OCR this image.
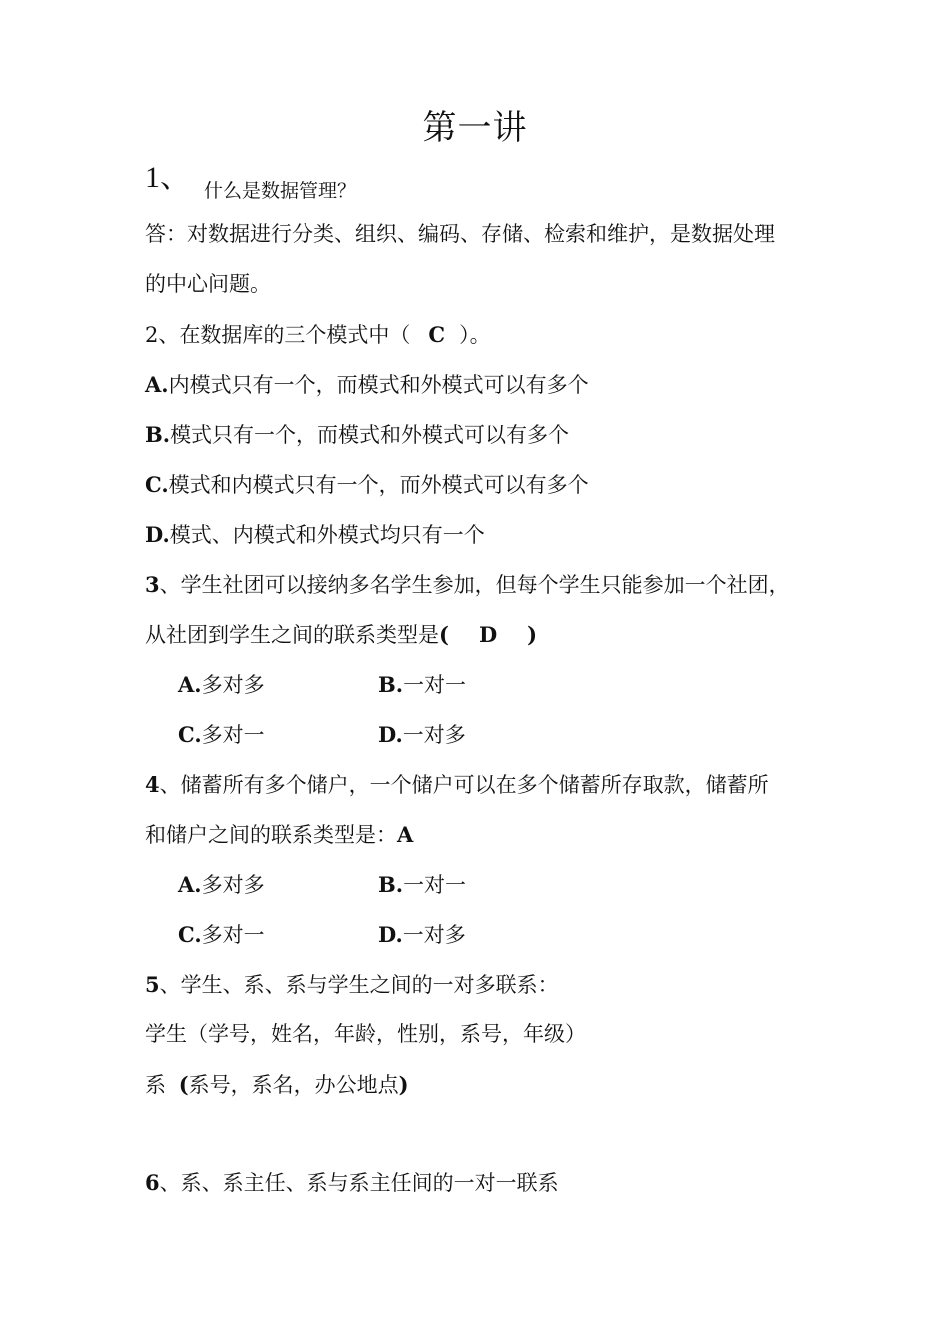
第一讲
1、 什么是数据管理？
答：对数据进行分类、组织、编码、存储、检索和维护，是数据处理
的中心问题。
2、在数据库的三个模式中（ C ）。
A.内模式只有一个，而模式和外模式可以有多个
B.模式只有一个，而模式和外模式可以有多个
C.模式和内模式只有一个，而外模式可以有多个
D.模式、内模式和外模式均只有一个
3、学生社团可以接纳多名学生参加，但每个学生只能参加一个社团，
从社团到学生之间的联系类型是( D )
A.多对多	B.一对一
C.多对一	D.一对多
4、储蓄所有多个储户，一个储户可以在多个储蓄所存取款，储蓄所
和储户之间的联系类型是：A
A.多对多	B.一对一
C.多对一	D.一对多
5、学生、系、系与学生之间的一对多联系：
学生（学号，姓名，年龄，性别，系号，年级）
系 (系号，系名，办公地点)
6、系、系主任、系与系主任间的一对一联系
